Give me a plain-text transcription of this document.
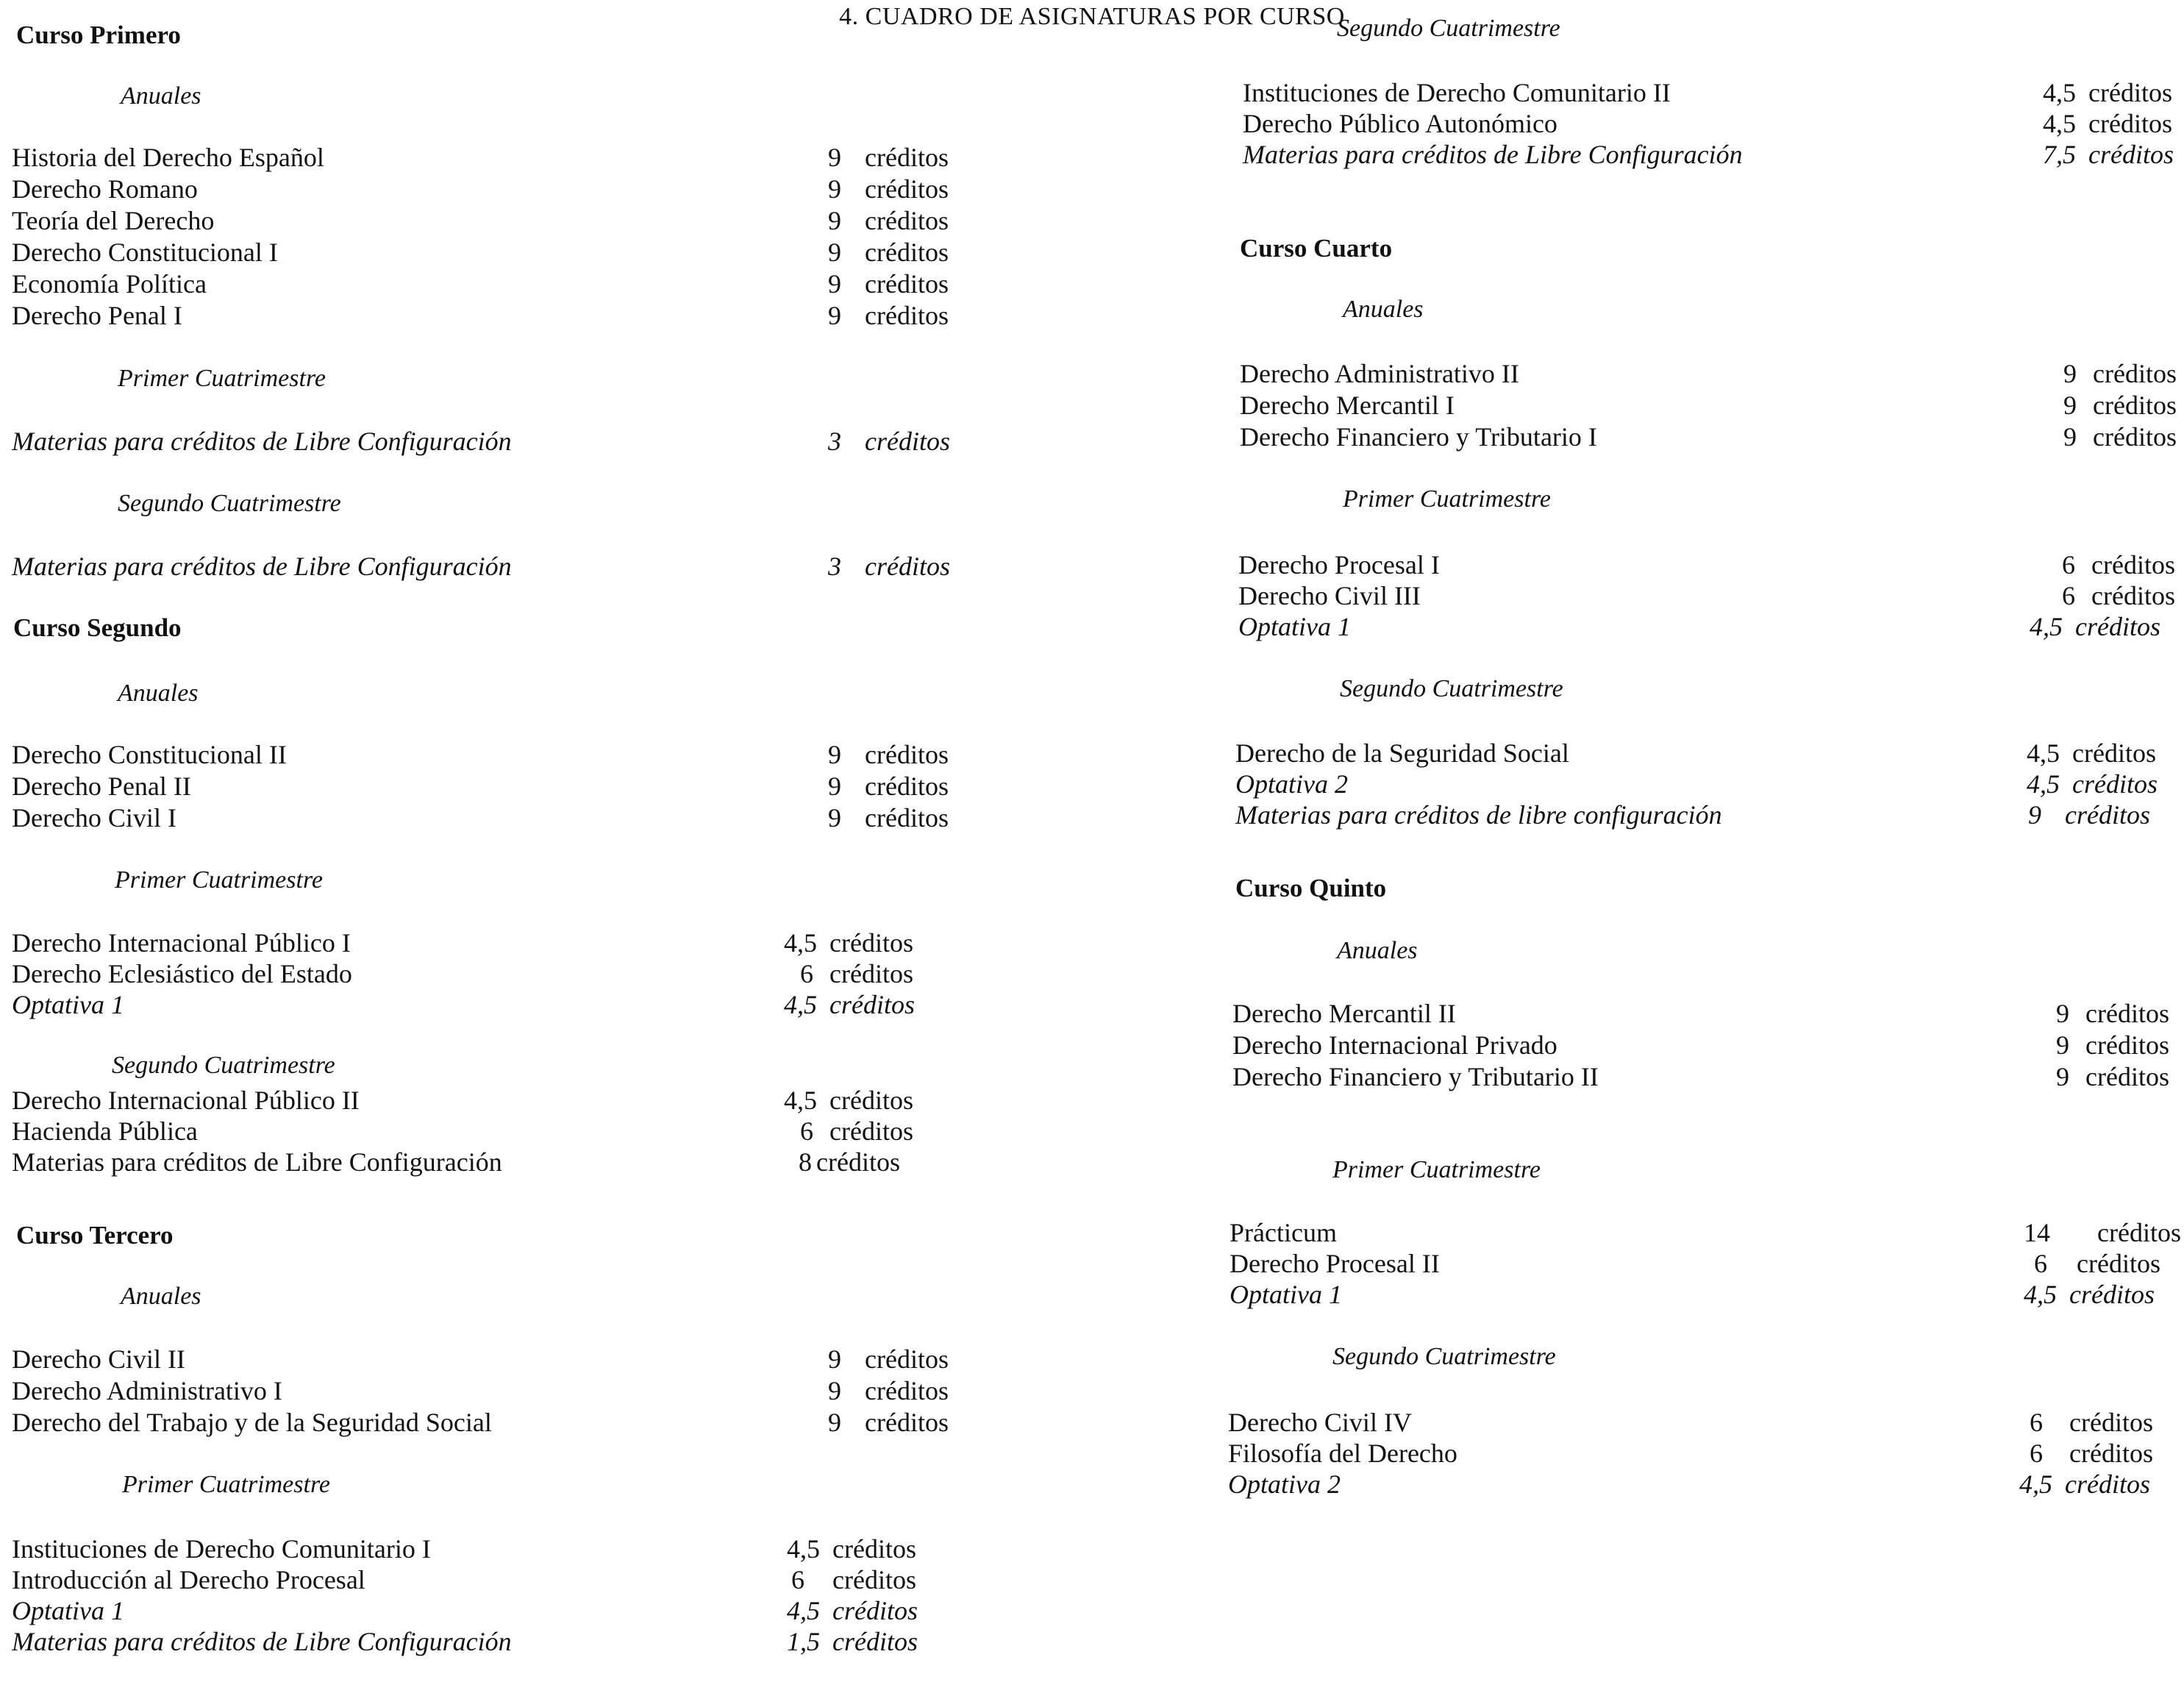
4. CUADRO DE ASIGNATURAS POR CURSO
Curso Primero
Anuales
Historia del Derecho Español	9 créditos
Derecho Romano	9 créditos
Teoría del Derecho	9 créditos
Derecho Constitucional I	9 créditos
Economía Política	9 créditos
Derecho Penal I	9 créditos
Primer Cuatrimestre
Materias para créditos de Libre Configuración	3 créditos
Segundo Cuatrimestre
Materias para créditos de Libre Configuración	3 créditos
Curso Segundo
Anuales
Derecho Constitucional II	9 créditos
Derecho Penal II	9 créditos
Derecho Civil I	9 créditos
Primer Cuatrimestre
Derecho Internacional Público I	4,5 créditos
Derecho Eclesiástico del Estado	6 créditos
Optativa 1	4,5 créditos
Segundo Cuatrimestre
Derecho Internacional Público II	4,5 créditos
Hacienda Pública	6 créditos
Materias para créditos de Libre Configuración	8 créditos
Curso Tercero
Anuales
Derecho Civil II	9 créditos
Derecho Administrativo I	9 créditos
Derecho del Trabajo y de la Seguridad Social	9 créditos
Primer Cuatrimestre
Instituciones de Derecho Comunitario I	4,5 créditos
Introducción al Derecho Procesal	6 créditos
Optativa 1	4,5 créditos
Materias para créditos de Libre Configuración	1,5 créditos
Segundo Cuatrimestre
Instituciones de Derecho Comunitario II	4,5 créditos
Derecho Público Autonómico	4,5 créditos
Materias para créditos de Libre Configuración	7,5 créditos
Curso Cuarto
Anuales
Derecho Administrativo II	9 créditos
Derecho Mercantil I	9 créditos
Derecho Financiero y Tributario I	9 créditos
Primer Cuatrimestre
Derecho Procesal I	6 créditos
Derecho Civil III	6 créditos
Optativa 1	4,5 créditos
Segundo Cuatrimestre
Derecho de la Seguridad Social	4,5 créditos
Optativa 2	4,5 créditos
Materias para créditos de libre configuración	9 créditos
Curso Quinto
Anuales
Derecho Mercantil II	9 créditos
Derecho Internacional Privado	9 créditos
Derecho Financiero y Tributario II	9 créditos
Primer Cuatrimestre
Prácticum	14 créditos
Derecho Procesal II	6 créditos
Optativa 1	4,5 créditos
Segundo Cuatrimestre
Derecho Civil IV	6 créditos
Filosofía del Derecho	6 créditos
Optativa 2	4,5 créditos
